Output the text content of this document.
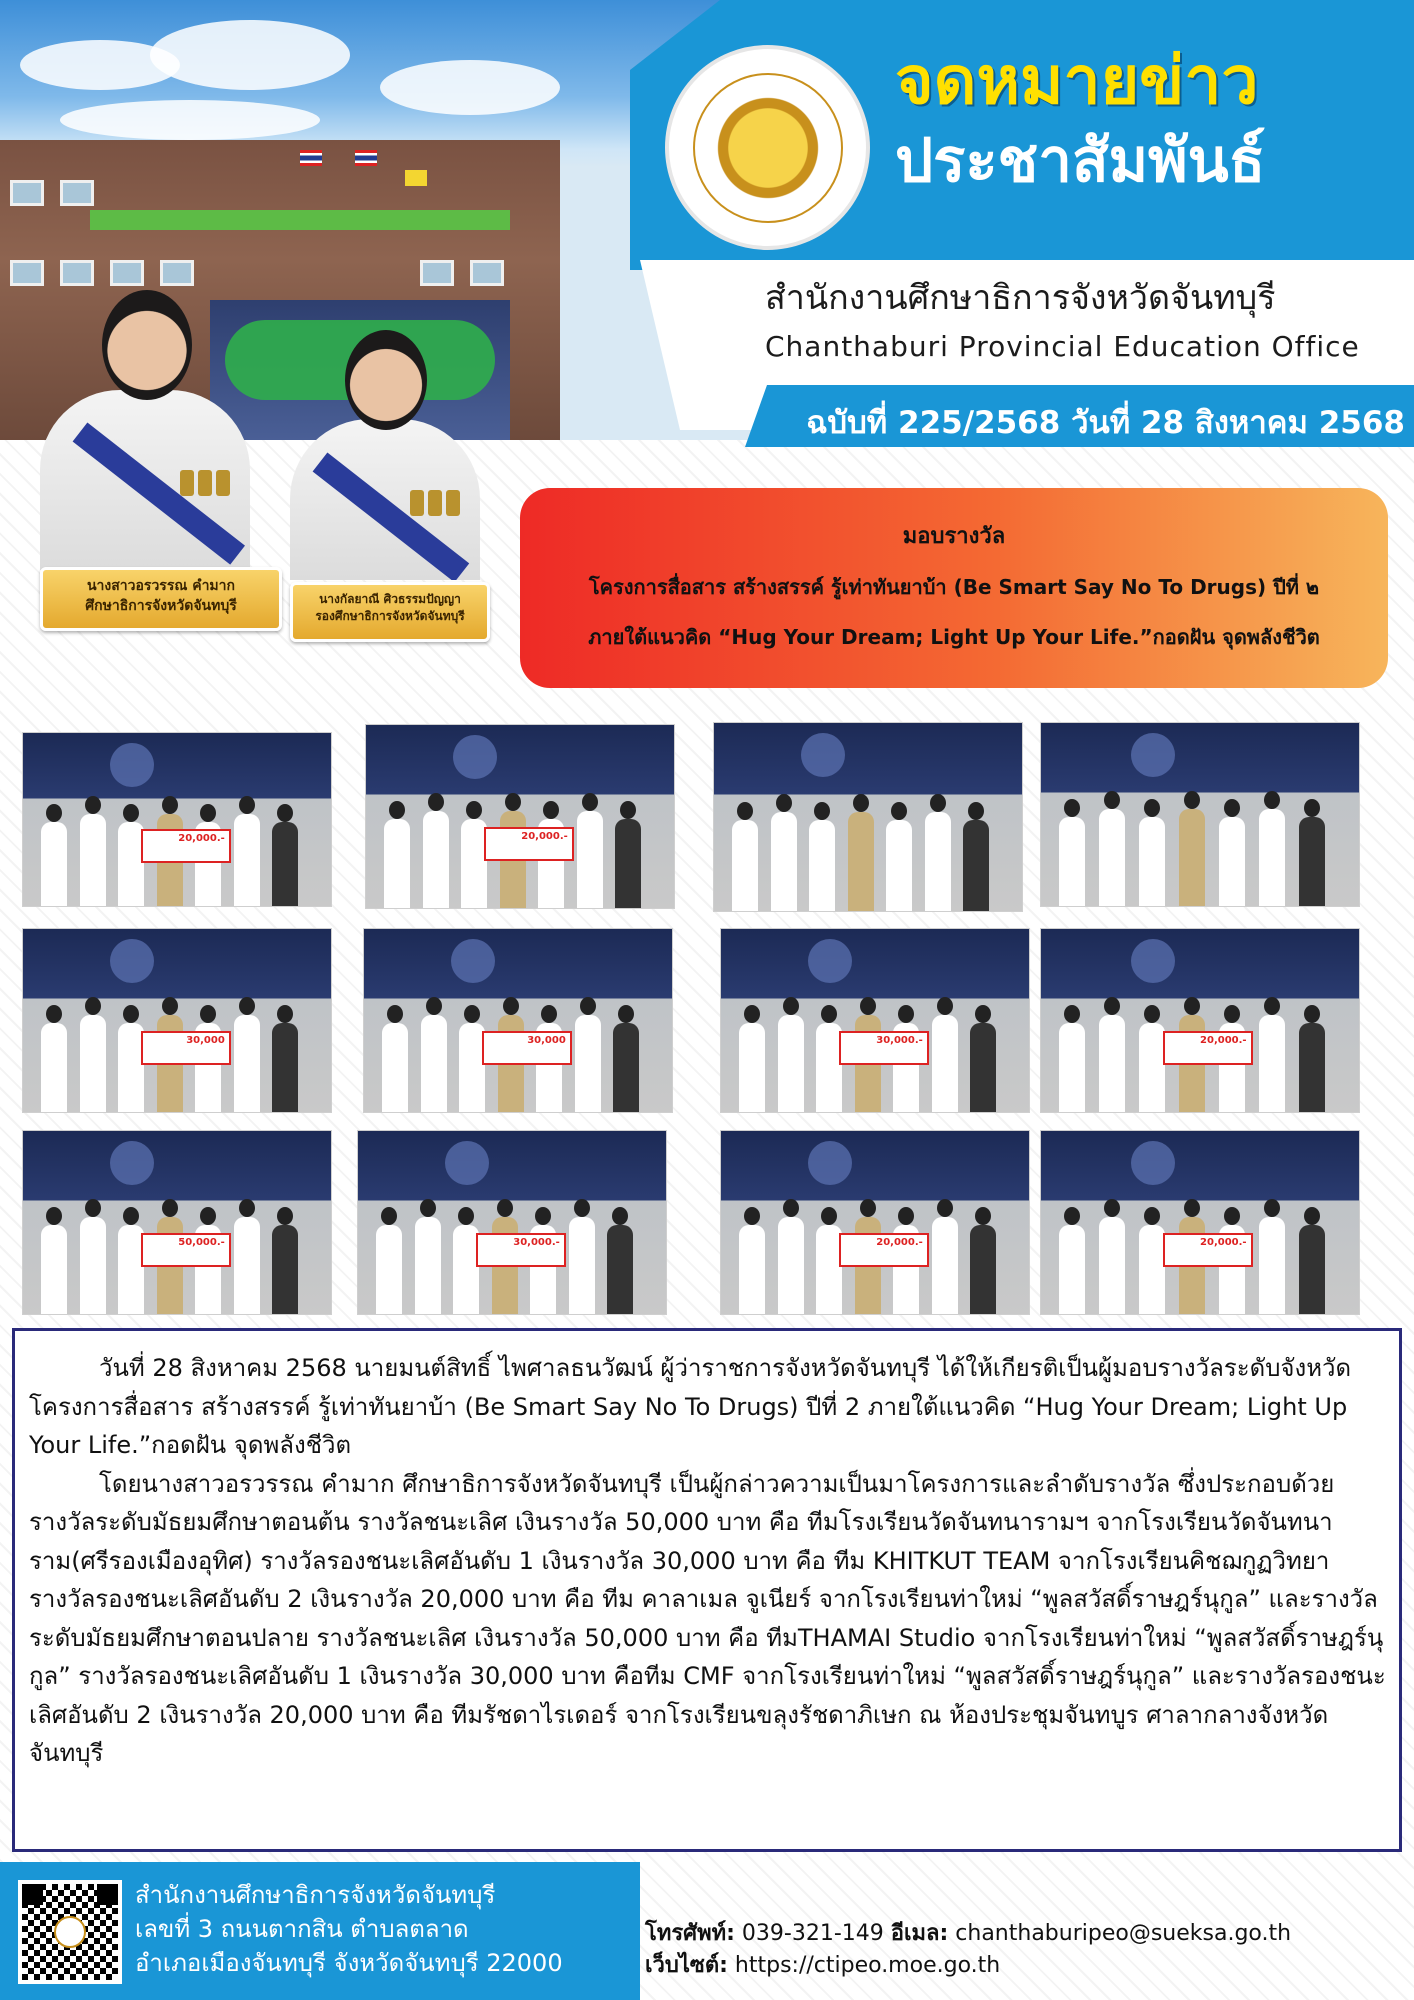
จดหมายข่าว
ประชาสัมพันธ์
สำนักงานศึกษาธิการจังหวัดจันทบุรี
Chanthaburi Provincial Education Office
ฉบับที่ 225/2568 วันที่ 28 สิงหาคม 2568
นางสาวอรวรรณ คำมาก
ศึกษาธิการจังหวัดจันทบุรี	นางกัลยาณี ศิวธรรมปัญญา
รองศึกษาธิการจังหวัดจันทบุรี
มอบรางวัล
โครงการสื่อสาร สร้างสรรค์ รู้เท่าทันยาบ้า (Be Smart Say No To Drugs) ปีที่ ๒
ภายใต้แนวคิด “Hug Your Dream; Light Up Your Life.”กอดฝัน จุดพลังชีวิต
20,000.-	20,000.-
30,000	30,000	30,000.-	20,000.-
50,000.-	30,000.-	20,000.-	20,000.-

วันที่ 28 สิงหาคม 2568 นายมนต์สิทธิ์ ไพศาลธนวัฒน์ ผู้ว่าราชการจังหวัดจันทบุรี ได้ให้เกียรติเป็นผู้มอบรางวัลระดับจังหวัด โครงการสื่อสาร สร้างสรรค์ รู้เท่าทันยาบ้า (Be Smart Say No To Drugs) ปีที่ 2 ภายใต้แนวคิด “Hug Your Dream; Light Up Your Life.”กอดฝัน จุดพลังชีวิต

โดยนางสาวอรวรรณ คำมาก ศึกษาธิการจังหวัดจันทบุรี เป็นผู้กล่าวความเป็นมาโครงการและลำดับรางวัล ซึ่งประกอบด้วย รางวัลระดับมัธยมศึกษาตอนต้น รางวัลชนะเลิศ เงินรางวัล 50,000 บาท คือ ทีมโรงเรียนวัดจันทนารามฯ จากโรงเรียนวัดจันทนาราม(ศรีรองเมืองอุทิศ) รางวัลรองชนะเลิศอันดับ 1 เงินรางวัล 30,000 บาท คือ ทีม KHITKUT TEAM จากโรงเรียนคิชฌกูฏวิทยา รางวัลรองชนะเลิศอันดับ 2 เงินรางวัล 20,000 บาท คือ ทีม คาลาเมล จูเนียร์ จากโรงเรียนท่าใหม่ “พูลสวัสดิ์ราษฎร์นุกูล” และรางวัลระดับมัธยมศึกษาตอนปลาย รางวัลชนะเลิศ เงินรางวัล 50,000 บาท คือ ทีมTHAMAI Studio จากโรงเรียนท่าใหม่ “พูลสวัสดิ์ราษฎร์นุกูล” รางวัลรองชนะเลิศอันดับ 1 เงินรางวัล 30,000 บาท คือทีม CMF จากโรงเรียนท่าใหม่ “พูลสวัสดิ์ราษฎร์นุกูล” และรางวัลรองชนะเลิศอันดับ 2 เงินรางวัล 20,000 บาท คือ ทีมรัชดาไรเดอร์ จากโรงเรียนขลุงรัชดาภิเษก ณ ห้องประชุมจันทบูร ศาลากลางจังหวัดจันทบุรี

สำนักงานศึกษาธิการจังหวัดจันทบุรี
เลขที่ 3 ถนนตากสิน ตำบลตลาด
อำเภอเมืองจันทบุรี จังหวัดจันทบุรี 22000
โทรศัพท์: 039-321-149 อีเมล: chanthaburipeo@sueksa.go.th
เว็บไซต์: https://ctipeo.moe.go.th
